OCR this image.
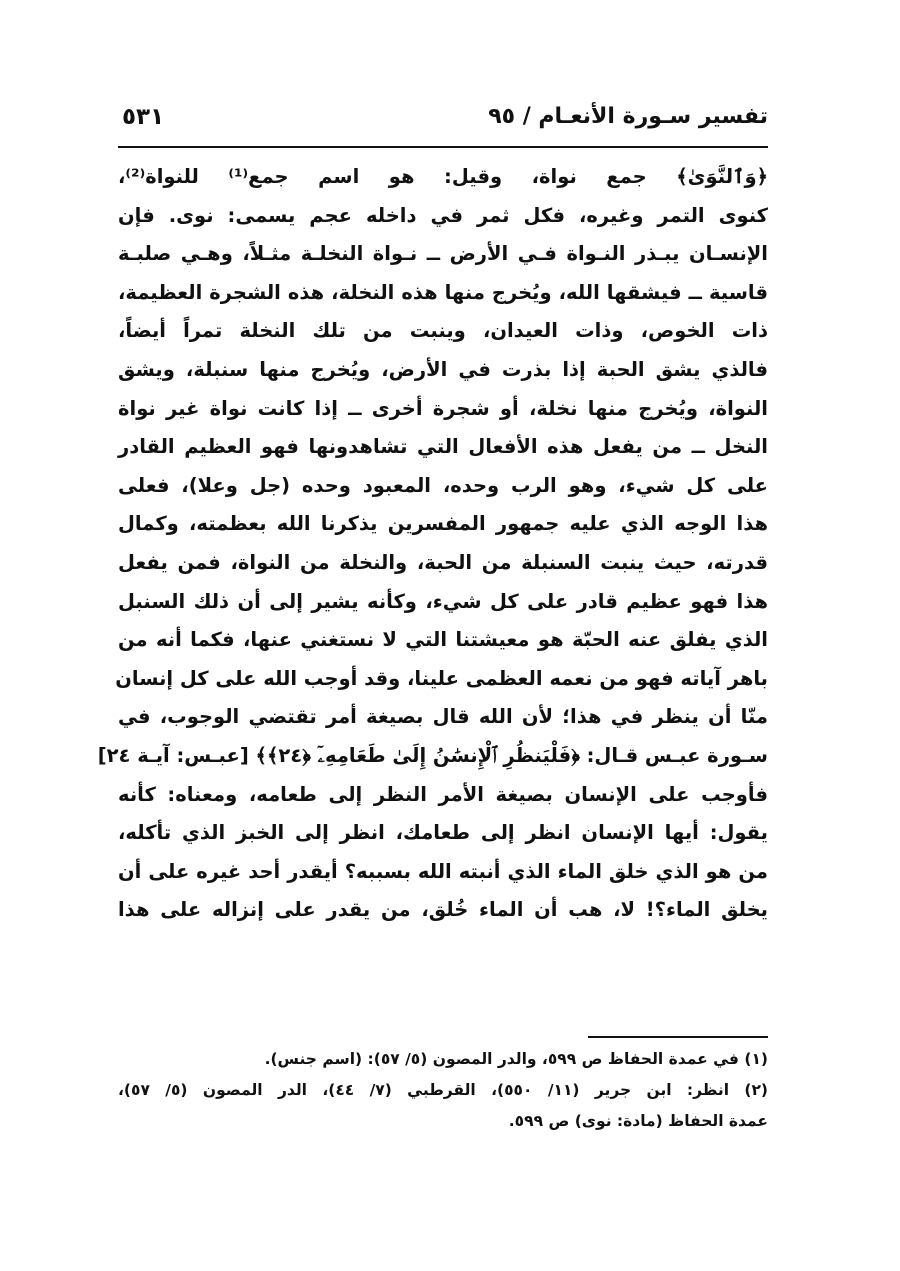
تفسير سـورة الأنعـام / ٩٥
٥٣١
﴿وَٱلنَّوَىٰ﴾ جمع نواة، وقيل: هو اسم جمع⁽¹⁾ للنواة⁽²⁾،
كنوى التمر وغيره، فكل ثمر في داخله عجم يسمى: نوى. فإن
الإنسـان يبـذر النـواة فـي الأرض ــ نـواة النخلـة مثـلاً، وهـي صلبـة
قاسية ــ فيشقها الله، ويُخرج منها هذه النخلة، هذه الشجرة العظيمة،
ذات الخوص، وذات العيدان، وينبت من تلك النخلة تمراً أيضاً،
فالذي يشق الحبة إذا بذرت في الأرض، ويُخرج منها سنبلة، ويشق
النواة، ويُخرج منها نخلة، أو شجرة أخرى ــ إذا كانت نواة غير نواة
النخل ــ من يفعل هذه الأفعال التي تشاهدونها فهو العظيم القادر
على كل شيء، وهو الرب وحده، المعبود وحده (جل وعلا)، فعلى
هذا الوجه الذي عليه جمهور المفسرين يذكرنا الله بعظمته، وكمال
قدرته، حيث ينبت السنبلة من الحبة، والنخلة من النواة، فمن يفعل
هذا فهو عظيم قادر على كل شيء، وكأنه يشير إلى أن ذلك السنبل
الذي يفلق عنه الحبّة هو معيشتنا التي لا نستغني عنها، فكما أنه من
باهر آياته فهو من نعمه العظمى علينا، وقد أوجب الله على كل إنسان
منّا أن ينظر في هذا؛ لأن الله قال بصيغة أمر تقتضي الوجوب، في
سـورة عبـس قـال: ﴿فَلْيَنظُرِ ٱلْإِنسَٰنُ إِلَىٰ طَعَامِهِۦٓ ﴿٢٤﴾﴾ [عبـس: آيـة ٢٤]
فأوجب على الإنسان بصيغة الأمر النظر إلى طعامه، ومعناه: كأنه
يقول: أيها الإنسان انظر إلى طعامك، انظر إلى الخبز الذي تأكله،
من هو الذي خلق الماء الذي أنبته الله بسببه؟ أيقدر أحد غيره على أن
يخلق الماء؟! لا، هب أن الماء خُلق، من يقدر على إنزاله على هذا
(١) في عمدة الحفاظ ص ٥٩٩، والدر المصون (٥/ ٥٧): (اسم جنس).
(٢) انظر: ابن جرير (١١/ ٥٥٠)، القرطبي (٧/ ٤٤)، الدر المصون (٥/ ٥٧)،
عمدة الحفاظ (مادة: نوى) ص ٥٩٩.
